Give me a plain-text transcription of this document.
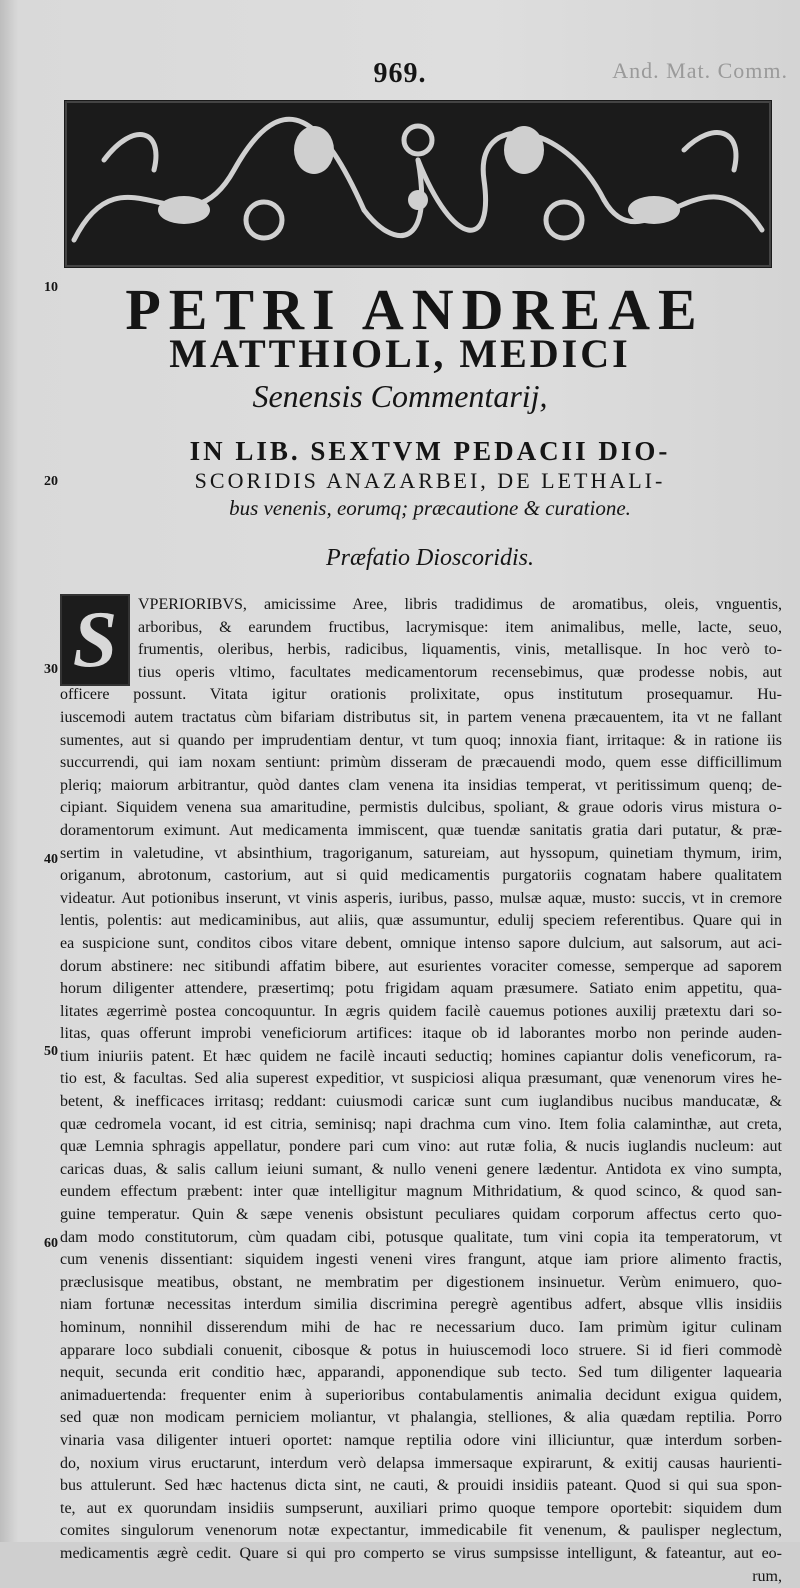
And. Mat. Comm.
969.
10	PETRI ANDREAE
MATTHIOLI, MEDICI
Senensis Commentarij,
IN LIB. SEXTVM PEDACII DIO-
20	SCORIDIS ANAZARBEI, DE LETHALI-
bus venenis, eorumq; præcautione & curatione.
Præfatio Dioscoridis.
30
40
50
60
S	VPERIORIBVS, amicissime Aree, libris tradidimus de aromatibus, oleis, vnguentis,
arboribus, & earundem fructibus, lacrymisque: item animalibus, melle, lacte, seuo,
frumentis, oleribus, herbis, radicibus, liquamentis, vinis, metallisque. In hoc verò to-
tius operis vltimo, facultates medicamentorum recensebimus, quæ prodesse nobis, aut
officere possunt. Vitata igitur orationis prolixitate, opus institutum prosequamur. Hu-
iuscemodi autem tractatus cùm bifariam distributus sit, in partem venena præcauentem, ita vt ne fallant
sumentes, aut si quando per imprudentiam dentur, vt tum quoq; innoxia fiant, irritaque: & in ratione iis
succurrendi, qui iam noxam sentiunt: primùm disseram de præcauendi modo, quem esse difficillimum
pleriq; maiorum arbitrantur, quòd dantes clam venena ita insidias temperat, vt peritissimum quenq; de-
cipiant. Siquidem venena sua amaritudine, permistis dulcibus, spoliant, & graue odoris virus mistura o-
doramentorum eximunt. Aut medicamenta immiscent, quæ tuendæ sanitatis gratia dari putatur, & præ-
sertim in valetudine, vt absinthium, tragoriganum, satureiam, aut hyssopum, quinetiam thymum, irim,
origanum, abrotonum, castorium, aut si quid medicamentis purgatoriis cognatam habere qualitatem
videatur. Aut potionibus inserunt, vt vinis asperis, iuribus, passo, mulsæ aquæ, musto: succis, vt in cremore
lentis, polentis: aut medicaminibus, aut aliis, quæ assumuntur, edulij speciem referentibus. Quare qui in
ea suspicione sunt, conditos cibos vitare debent, omnique intenso sapore dulcium, aut salsorum, aut aci-
dorum abstinere: nec sitibundi affatim bibere, aut esurientes voraciter comesse, semperque ad saporem
horum diligenter attendere, præsertimq; potu frigidam aquam præsumere. Satiato enim appetitu, qua-
litates ægerrimè postea concoquuntur. In ægris quidem facilè cauemus potiones auxilij prætextu dari so-
litas, quas offerunt improbi veneficiorum artifices: itaque ob id laborantes morbo non perinde auden-
tium iniuriis patent. Et hæc quidem ne facilè incauti seductiq; homines capiantur dolis veneficorum, ra-
tio est, & facultas. Sed alia superest expeditior, vt suspiciosi aliqua præsumant, quæ venenorum vires he-
betent, & inefficaces irritasq; reddant: cuiusmodi caricæ sunt cum iuglandibus nucibus manducatæ, &
quæ cedromela vocant, id est citria, seminisq; napi drachma cum vino. Item folia calaminthæ, aut creta,
quæ Lemnia sphragis appellatur, pondere pari cum vino: aut rutæ folia, & nucis iuglandis nucleum: aut
caricas duas, & salis callum ieiuni sumant, & nullo veneni genere lædentur. Antidota ex vino sumpta,
eundem effectum præbent: inter quæ intelligitur magnum Mithridatium, & quod scinco, & quod san-
guine temperatur. Quin & sæpe venenis obsistunt peculiares quidam corporum affectus certo quo-
dam modo constitutorum, cùm quadam cibi, potusque qualitate, tum vini copia ita temperatorum, vt
cum venenis dissentiant: siquidem ingesti veneni vires frangunt, atque iam priore alimento fractis,
præclusisque meatibus, obstant, ne membratim per digestionem insinuetur. Verùm enimuero, quo-
niam fortunæ necessitas interdum similia discrimina peregrè agentibus adfert, absque vllis insidiis
hominum, nonnihil disserendum mihi de hac re necessarium duco. Iam primùm igitur culinam
apparare loco subdiali conuenit, cibosque & potus in huiuscemodi loco struere. Si id fieri commodè
nequit, secunda erit conditio hæc, apparandi, apponendique sub tecto. Sed tum diligenter laquearia
animaduertenda: frequenter enim à superioribus contabulamentis animalia decidunt exigua quidem,
sed quæ non modicam perniciem moliantur, vt phalangia, stelliones, & alia quædam reptilia. Porro
vinaria vasa diligenter intueri oportet: namque reptilia odore vini illiciuntur, quæ interdum sorben-
do, noxium virus eructarunt, interdum verò delapsa immersaque expirarunt, & exitij causas haurienti-
bus attulerunt. Sed hæc hactenus dicta sint, ne cauti, & prouidi insidiis pateant. Quod si qui sua spon-
te, aut ex quorundam insidiis sumpserunt, auxiliari primo quoque tempore oportebit: siquidem dum
comites singulorum venenorum notæ expectantur, immedicabile fit venenum, & paulisper neglectum,
medicamentis ægrè cedit. Quare si qui pro comperto se virus sumpsisse intelligunt, & fateantur, aut eo-
rum,
